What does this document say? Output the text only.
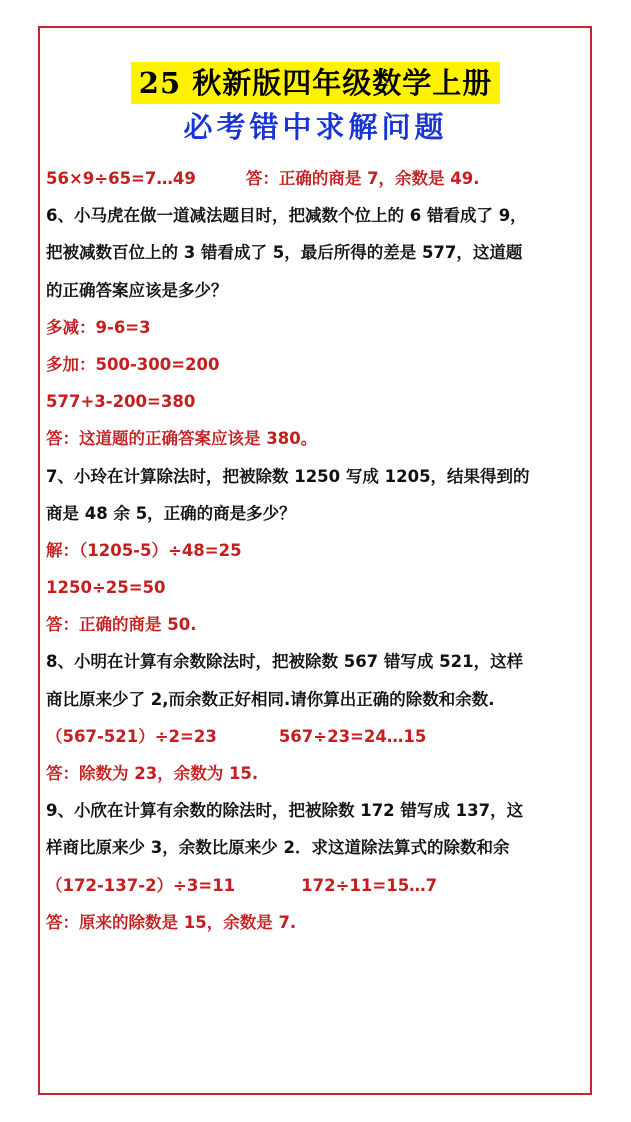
25 秋新版四年级数学上册
必考错中求解问题
56×9÷65=7…49	答：正确的商是 7，余数是 49.
6、小马虎在做一道减法题目时，把减数个位上的 6 错看成了 9，
把被减数百位上的 3 错看成了 5，最后所得的差是 577，这道题
的正确答案应该是多少？
多减：9-6=3
多加：500-300=200
577+3-200=380
答：这道题的正确答案应该是 380。
7、小玲在计算除法时，把被除数 1250 写成 1205，结果得到的
商是 48 余 5，正确的商是多少？
解：（1205-5）÷48=25
1250÷25=50
答：正确的商是 50.
8、小明在计算有余数除法时，把被除数 567 错写成 521，这样
商比原来少了 2,而余数正好相同.请你算出正确的除数和余数.
（567-521）÷2=23	567÷23=24…15
答：除数为 23，余数为 15.
9、小欣在计算有余数的除法时，把被除数 172 错写成 137，这
样商比原来少 3，余数比原来少 2．求这道除法算式的除数和余
（172-137-2）÷3=11	172÷11=15…7
答：原来的除数是 15，余数是 7.
